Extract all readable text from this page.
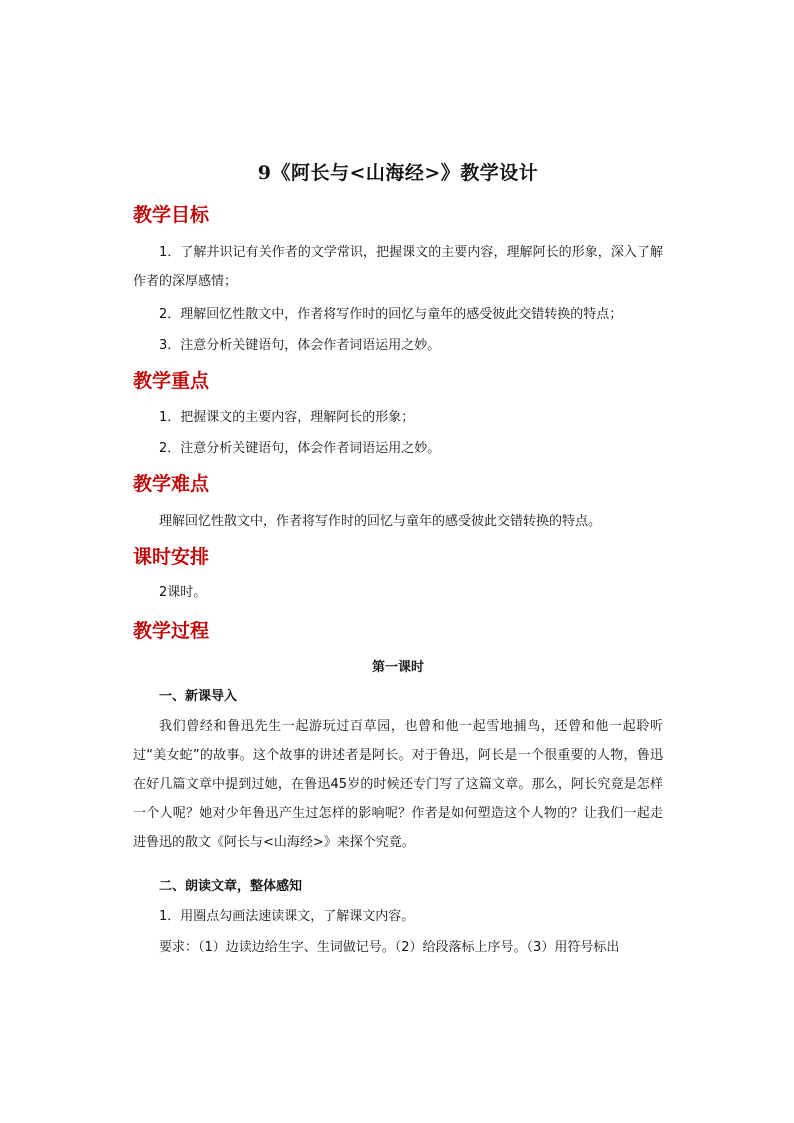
9《阿长与<山海经>》教学设计
教学目标
1．了解并识记有关作者的文学常识，把握课文的主要内容，理解阿长的形象，深入了解作者的深厚感情；
2．理解回忆性散文中，作者将写作时的回忆与童年的感受彼此交错转换的特点；
3．注意分析关键语句，体会作者词语运用之妙。
教学重点
1．把握课文的主要内容，理解阿长的形象；
2．注意分析关键语句，体会作者词语运用之妙。
教学难点
理解回忆性散文中，作者将写作时的回忆与童年的感受彼此交错转换的特点。
课时安排
2课时。
教学过程
第一课时
一、新课导入
我们曾经和鲁迅先生一起游玩过百草园，也曾和他一起雪地捕鸟，还曾和他一起聆听过“美女蛇”的故事。这个故事的讲述者是阿长。对于鲁迅，阿长是一个很重要的人物，鲁迅在好几篇文章中提到过她，在鲁迅45岁的时候还专门写了这篇文章。那么，阿长究竟是怎样一个人呢？她对少年鲁迅产生过怎样的影响呢？作者是如何塑造这个人物的？让我们一起走进鲁迅的散文《阿长与<山海经>》来探个究竟。
二、朗读文章，整体感知
1．用圈点勾画法速读课文，了解课文内容。
要求：（1）边读边给生字、生词做记号。（2）给段落标上序号。（3）用符号标出
